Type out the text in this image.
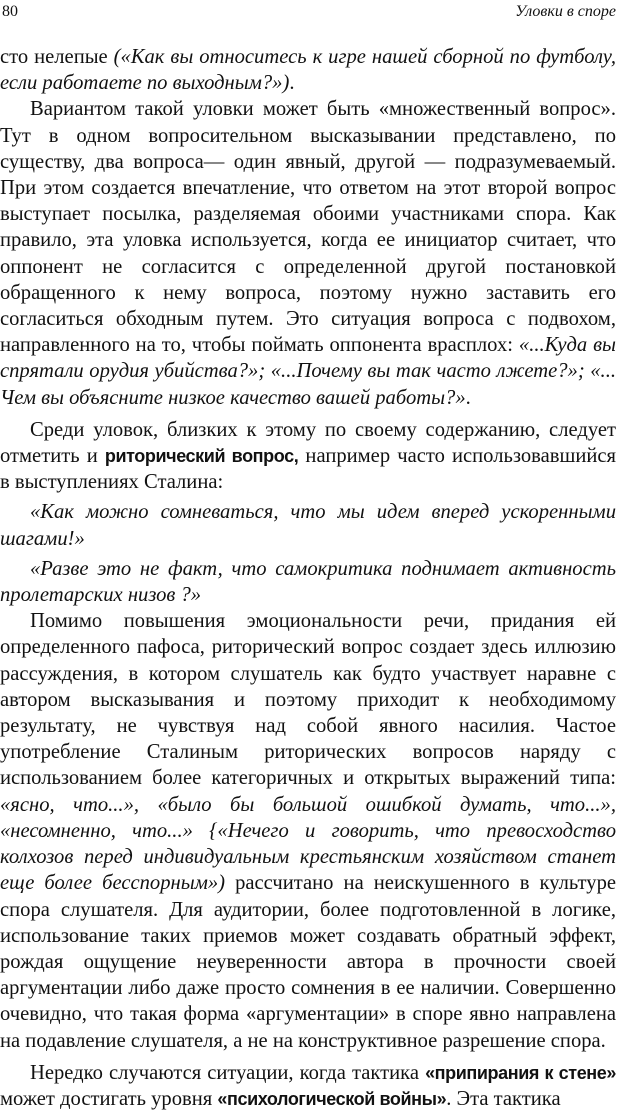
80	Уловки в споре

сто нелепые («Как вы относитесь к игре нашей сборной по футболу, если работаете по выходным?»).

Вариантом такой уловки может быть «множественный вопрос». Тут в одном вопросительном высказывании представлено, по существу, два вопроса— один явный, другой — подразумеваемый. При этом создается впечатление, что ответом на этот второй вопрос выступает посылка, разделяемая обоими участниками спора. Как правило, эта уловка используется, когда ее инициатор считает, что оппонент не согласится с определенной другой постановкой обращенного к нему вопроса, поэтому нужно заставить его согласиться обходным путем. Это ситуация вопроса с подвохом, направленного на то, чтобы поймать оппонента врасплох: «...Куда вы спрятали орудия убийства?»; «...Почему вы так часто лжете?»; «... Чем вы объясните низкое качество вашей работы?».

Среди уловок, близких к этому по своему содержанию, следует отметить и риторический вопрос, например часто использовавшийся в выступлениях Сталина:

«Как можно сомневаться, что мы идем вперед ускоренными шагами!»

«Разве это не факт, что самокритика поднимает активность пролетарских низов ?»

Помимо повышения эмоциональности речи, придания ей определенного пафоса, риторический вопрос создает здесь иллюзию рассуждения, в котором слушатель как будто участвует наравне с автором высказывания и поэтому приходит к необходимому результату, не чувствуя над собой явного насилия. Частое употребление Сталиным риторических вопросов наряду с использованием более категоричных и открытых выражений типа: «ясно, что...», «было бы большой ошибкой думать, что...», «несомненно, что...» {«Нечего и говорить, что превосходство колхозов перед индивидуальным крестьянским хозяйством станет еще более бесспорным») рассчитано на неискушенного в культуре спора слушателя. Для аудитории, более подготовленной в логике, использование таких приемов может создавать обратный эффект, рождая ощущение неуверенности автора в прочности своей аргументации либо даже просто сомнения в ее наличии. Совершенно очевидно, что такая форма «аргументации» в споре явно направлена на подавление слушателя, а не на конструктивное разрешение спора.

Нередко случаются ситуации, когда тактика «припирания к стене» может достигать уровня «психологической войны». Эта тактика
